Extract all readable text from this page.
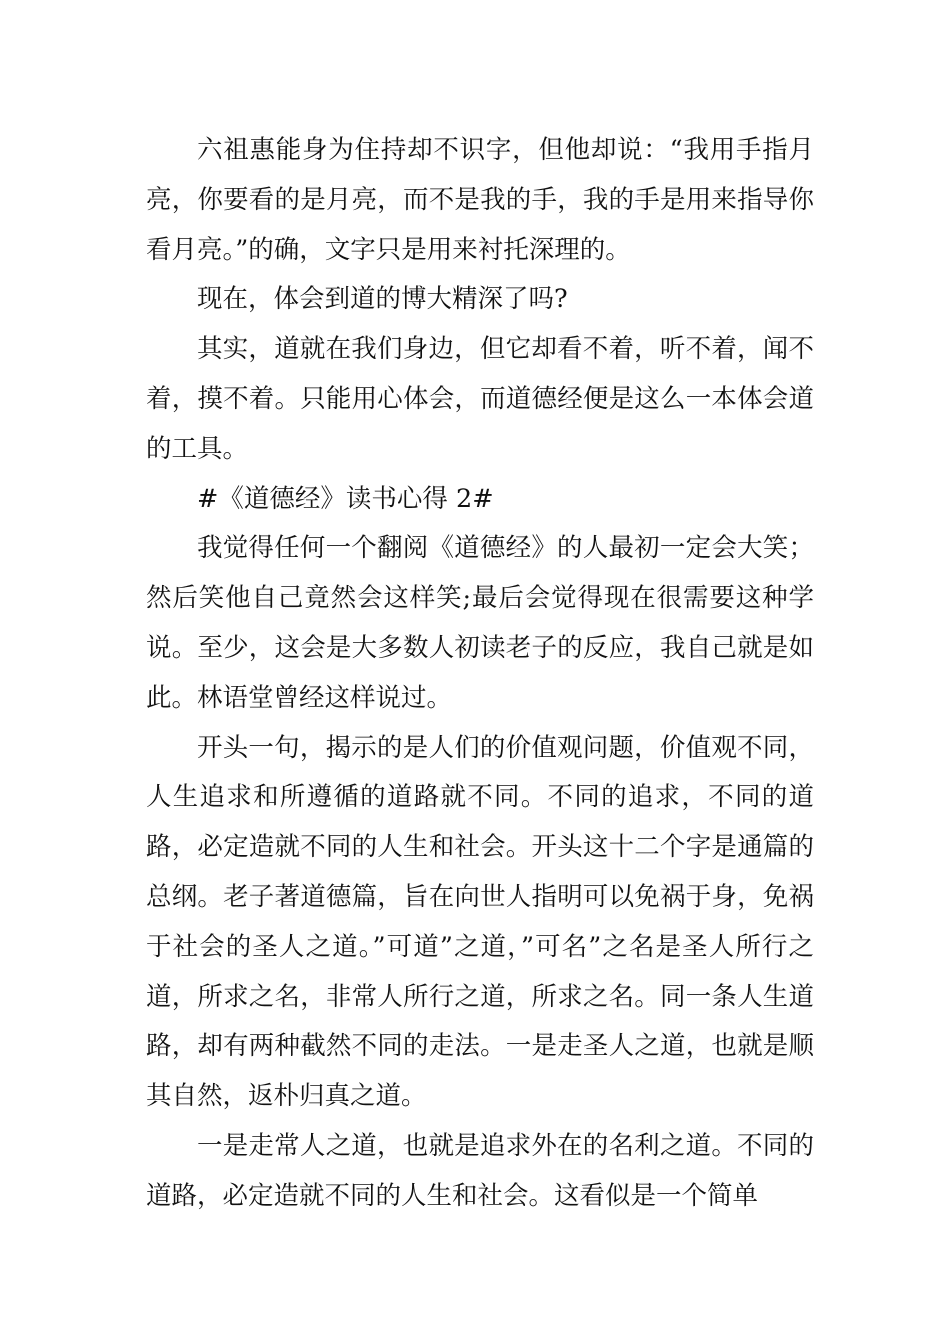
六祖惠能身为住持却不识字，但他却说：“我用手指月亮，你要看的是月亮，而不是我的手，我的手是用来指导你看月亮。”的确，文字只是用来衬托深理的。

现在，体会到道的博大精深了吗?

其实，道就在我们身边，但它却看不着，听不着，闻不着，摸不着。只能用心体会，而道德经便是这么一本体会道的工具。

#《道德经》读书心得 2#

我觉得任何一个翻阅《道德经》的人最初一定会大笑；然后笑他自己竟然会这样笑;最后会觉得现在很需要这种学说。至少，这会是大多数人初读老子的反应，我自己就是如此。林语堂曾经这样说过。

开头一句，揭示的是人们的价值观问题，价值观不同，人生追求和所遵循的道路就不同。不同的追求，不同的道路，必定造就不同的人生和社会。开头这十二个字是通篇的总纲。老子著道德篇，旨在向世人指明可以免祸于身，免祸于社会的圣人之道。”可道”之道，”可名”之名是圣人所行之道，所求之名，非常人所行之道，所求之名。同一条人生道路，却有两种截然不同的走法。一是走圣人之道，也就是顺其自然，返朴归真之道。

一是走常人之道，也就是追求外在的名利之道。不同的道路，必定造就不同的人生和社会。这看似是一个简单
